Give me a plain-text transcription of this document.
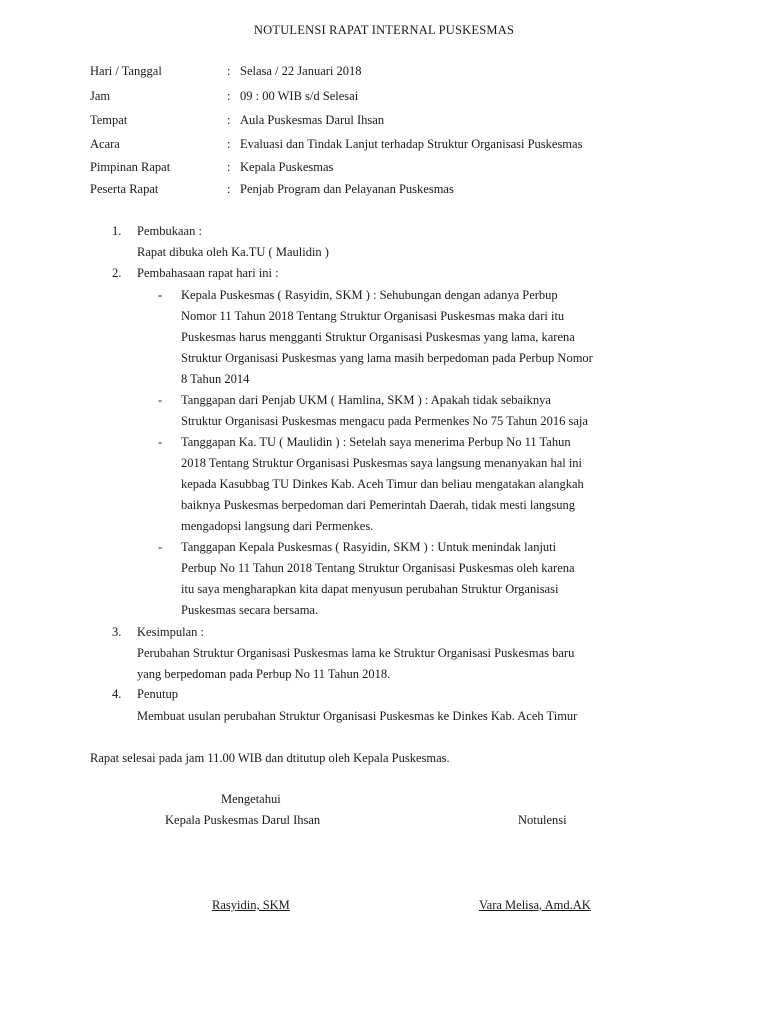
NOTULENSI RAPAT INTERNAL PUSKESMAS
Hari / Tanggal	: Selasa / 22 Januari 2018
Jam	: 09 : 00 WIB s/d Selesai
Tempat	: Aula Puskesmas Darul Ihsan
Acara	: Evaluasi dan Tindak Lanjut terhadap Struktur Organisasi Puskesmas
Pimpinan Rapat	: Kepala Puskesmas
Peserta Rapat	: Penjab Program dan Pelayanan Puskesmas
1. Pembukaan :
Rapat dibuka oleh Ka.TU ( Maulidin )
2. Pembahasaan rapat hari ini :
- Kepala Puskesmas ( Rasyidin, SKM ) : Sehubungan dengan adanya Perbup
Nomor 11 Tahun 2018 Tentang Struktur Organisasi Puskesmas maka dari itu
Puskesmas harus mengganti Struktur Organisasi Puskesmas yang lama, karena
Struktur Organisasi Puskesmas yang lama masih berpedoman pada Perbup Nomor
8 Tahun 2014
- Tanggapan dari Penjab UKM ( Hamlina, SKM ) : Apakah tidak sebaiknya
Struktur Organisasi Puskesmas mengacu pada Permenkes No 75 Tahun 2016 saja
- Tanggapan Ka. TU ( Maulidin ) : Setelah saya menerima Perbup No 11 Tahun
2018 Tentang Struktur Organisasi Puskesmas saya langsung menanyakan hal ini
kepada Kasubbag TU Dinkes Kab. Aceh Timur dan beliau mengatakan alangkah
baiknya Puskesmas berpedoman dari Pemerintah Daerah, tidak mesti langsung
mengadopsi langsung dari Permenkes.
- Tanggapan Kepala Puskesmas ( Rasyidin, SKM ) : Untuk menindak lanjuti
Perbup No 11 Tahun 2018 Tentang Struktur Organisasi Puskesmas oleh karena
itu saya mengharapkan kita dapat menyusun perubahan Struktur Organisasi
Puskesmas secara bersama.
3. Kesimpulan :
Perubahan Struktur Organisasi Puskesmas lama ke Struktur Organisasi Puskesmas baru
yang berpedoman pada Perbup No 11 Tahun 2018.
4. Penutup
Membuat usulan perubahan Struktur Organisasi Puskesmas ke Dinkes Kab. Aceh Timur
Rapat selesai pada jam 11.00 WIB dan dtitutup oleh Kepala Puskesmas.
Mengetahui
Kepala Puskesmas Darul Ihsan	Notulensi
Rasyidin, SKM	Vara Melisa, Amd.AK
